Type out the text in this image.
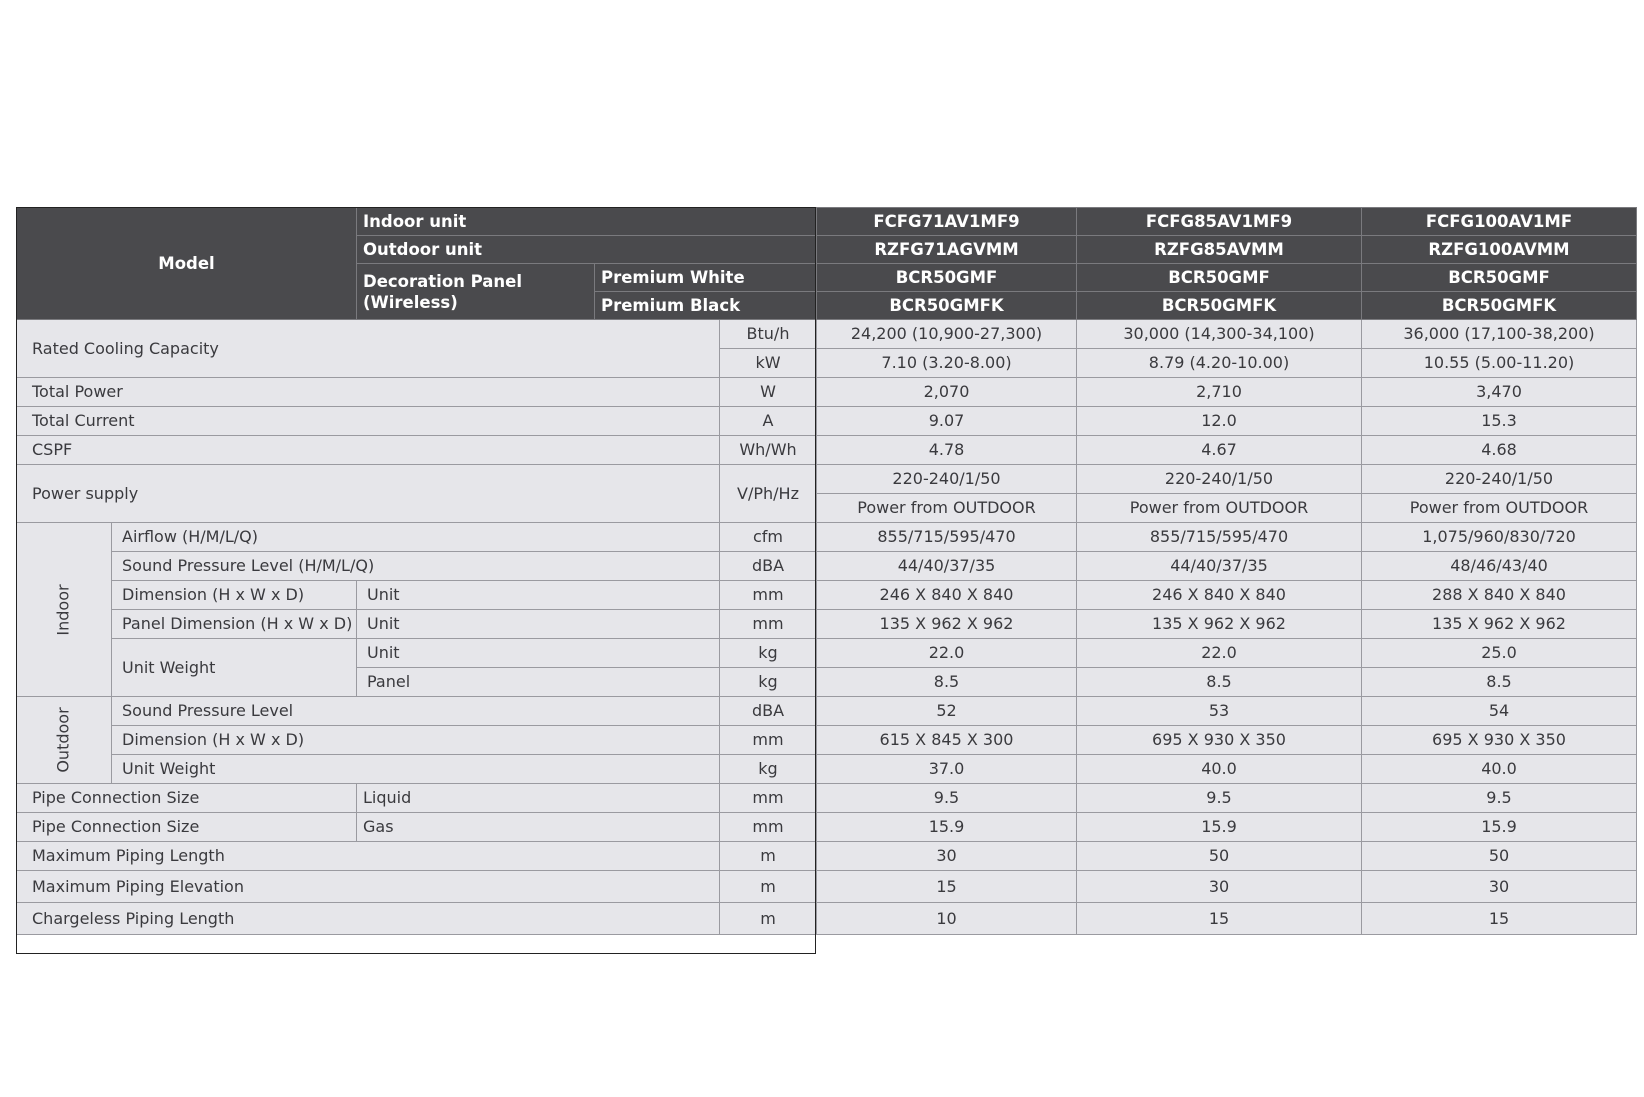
Model		Indoor unit			FCFG71AV1MF9	FCFG85AV1MF9	FCFG100AV1MF
		Outdoor unit			RZFG71AGVMM	RZFG85AVMM	RZFG100AVMM
		Decoration Panel (Wireless)	Premium White		BCR50GMF	BCR50GMF	BCR50GMF
			Premium Black		BCR50GMFK	BCR50GMFK	BCR50GMFK
Rated Cooling Capacity				Btu/h	24,200 (10,900-27,300)	30,000 (14,300-34,100)	36,000 (17,100-38,200)
				kW	7.10 (3.20-8.00)	8.79 (4.20-10.00)	10.55 (5.00-11.20)
Total Power				W	2,070	2,710	3,470
Total Current				A	9.07	12.0	15.3
CSPF				Wh/Wh	4.78	4.67	4.68
Power supply				V/Ph/Hz	220-240/1/50	220-240/1/50	220-240/1/50
					Power from OUTDOOR	Power from OUTDOOR	Power from OUTDOOR
Indoor	Airflow (H/M/L/Q)			cfm	855/715/595/470	855/715/595/470	1,075/960/830/720
	Sound Pressure Level (H/M/L/Q)			dBA	44/40/37/35	44/40/37/35	48/46/43/40
	Dimension (H x W x D)	Unit		mm	246 X 840 X 840	246 X 840 X 840	288 X 840 X 840
	Panel Dimension (H x W x D)	Unit		mm	135 X 962 X 962	135 X 962 X 962	135 X 962 X 962
	Unit Weight	Unit		kg	22.0	22.0	25.0
		Panel		kg	8.5	8.5	8.5
Outdoor	Sound Pressure Level			dBA	52	53	54
	Dimension (H x W x D)			mm	615 X 845 X 300	695 X 930 X 350	695 X 930 X 350
	Unit Weight			kg	37.0	40.0	40.0
Pipe Connection Size		Liquid		mm	9.5	9.5	9.5
Pipe Connection Size		Gas		mm	15.9	15.9	15.9
Maximum Piping Length				m	30	50	50
Maximum Piping Elevation				m	15	30	30
Chargeless Piping Length				m	10	15	15
